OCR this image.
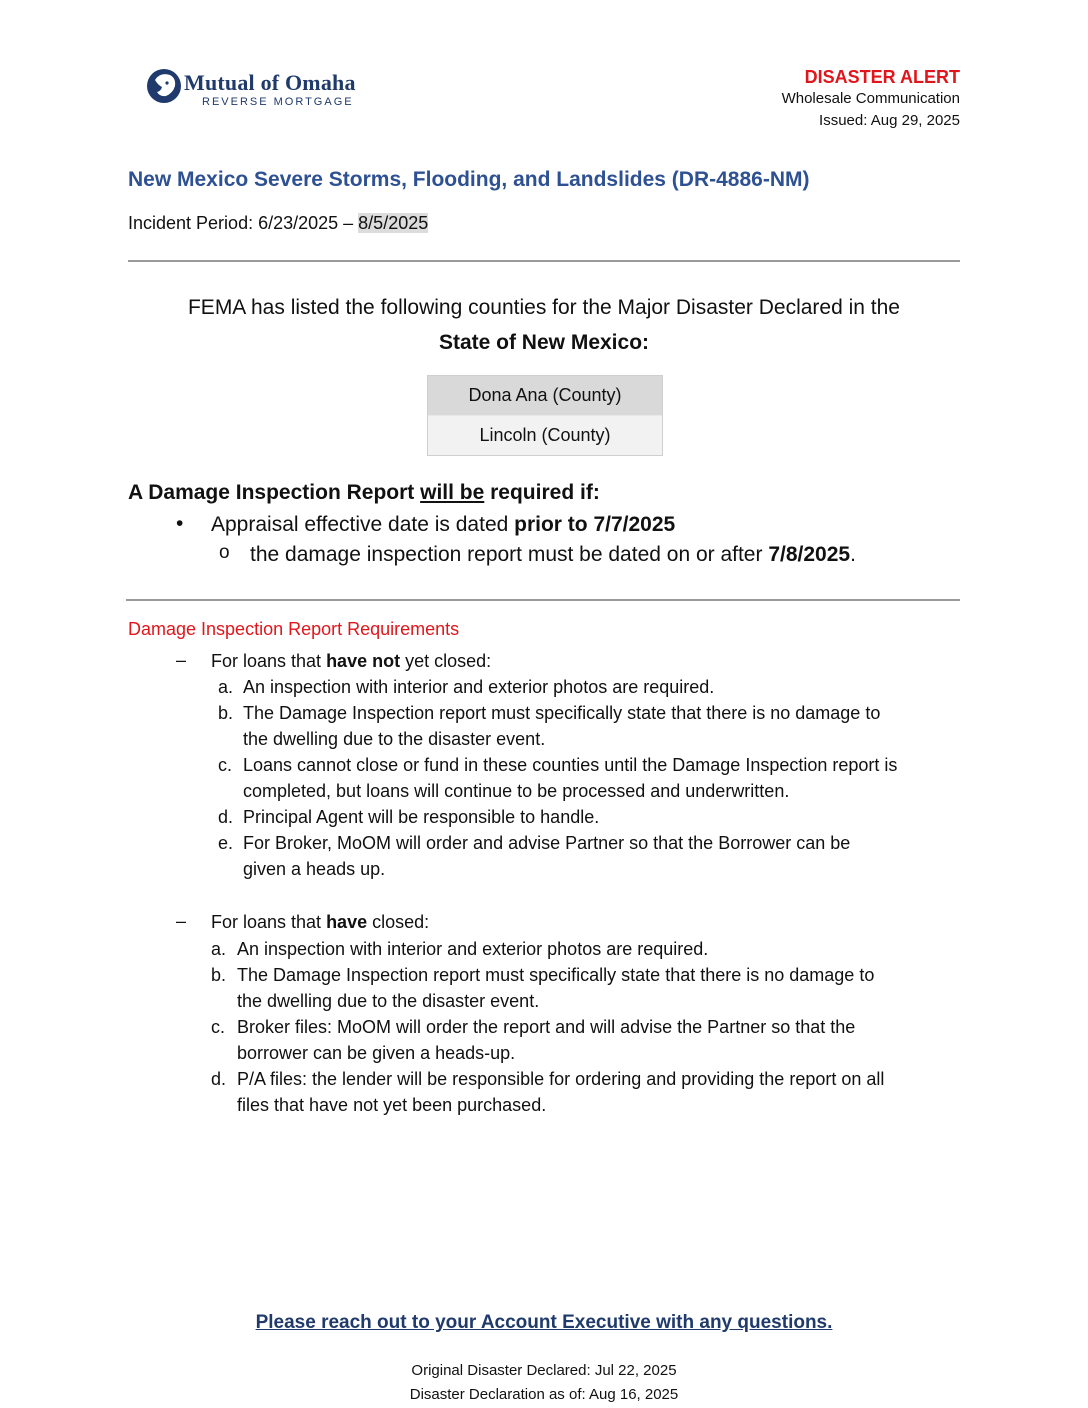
Mutual of Omaha
REVERSE MORTGAGE
DISASTER ALERT
Wholesale Communication
Issued: Aug 29, 2025
New Mexico Severe Storms, Flooding, and Landslides (DR-4886-NM)
Incident Period: 6/23/2025 – 8/5/2025
FEMA has listed the following counties for the Major Disaster Declared in the
State of New Mexico:
Dona Ana (County)
Lincoln (County)
A Damage Inspection Report will be required if:
• Appraisal effective date is dated prior to 7/7/2025
o the damage inspection report must be dated on or after 7/8/2025.
Damage Inspection Report Requirements
– For loans that have not yet closed:
a. An inspection with interior and exterior photos are required.
b. The Damage Inspection report must specifically state that there is no damage to
the dwelling due to the disaster event.
c. Loans cannot close or fund in these counties until the Damage Inspection report is
completed, but loans will continue to be processed and underwritten.
d. Principal Agent will be responsible to handle.
e. For Broker, MoOM will order and advise Partner so that the Borrower can be
given a heads up.
– For loans that have closed:
a. An inspection with interior and exterior photos are required.
b. The Damage Inspection report must specifically state that there is no damage to
the dwelling due to the disaster event.
c. Broker files: MoOM will order the report and will advise the Partner so that the
borrower can be given a heads-up.
d. P/A files: the lender will be responsible for ordering and providing the report on all
files that have not yet been purchased.
Please reach out to your Account Executive with any questions.
Original Disaster Declared: Jul 22, 2025
Disaster Declaration as of: Aug 16, 2025
